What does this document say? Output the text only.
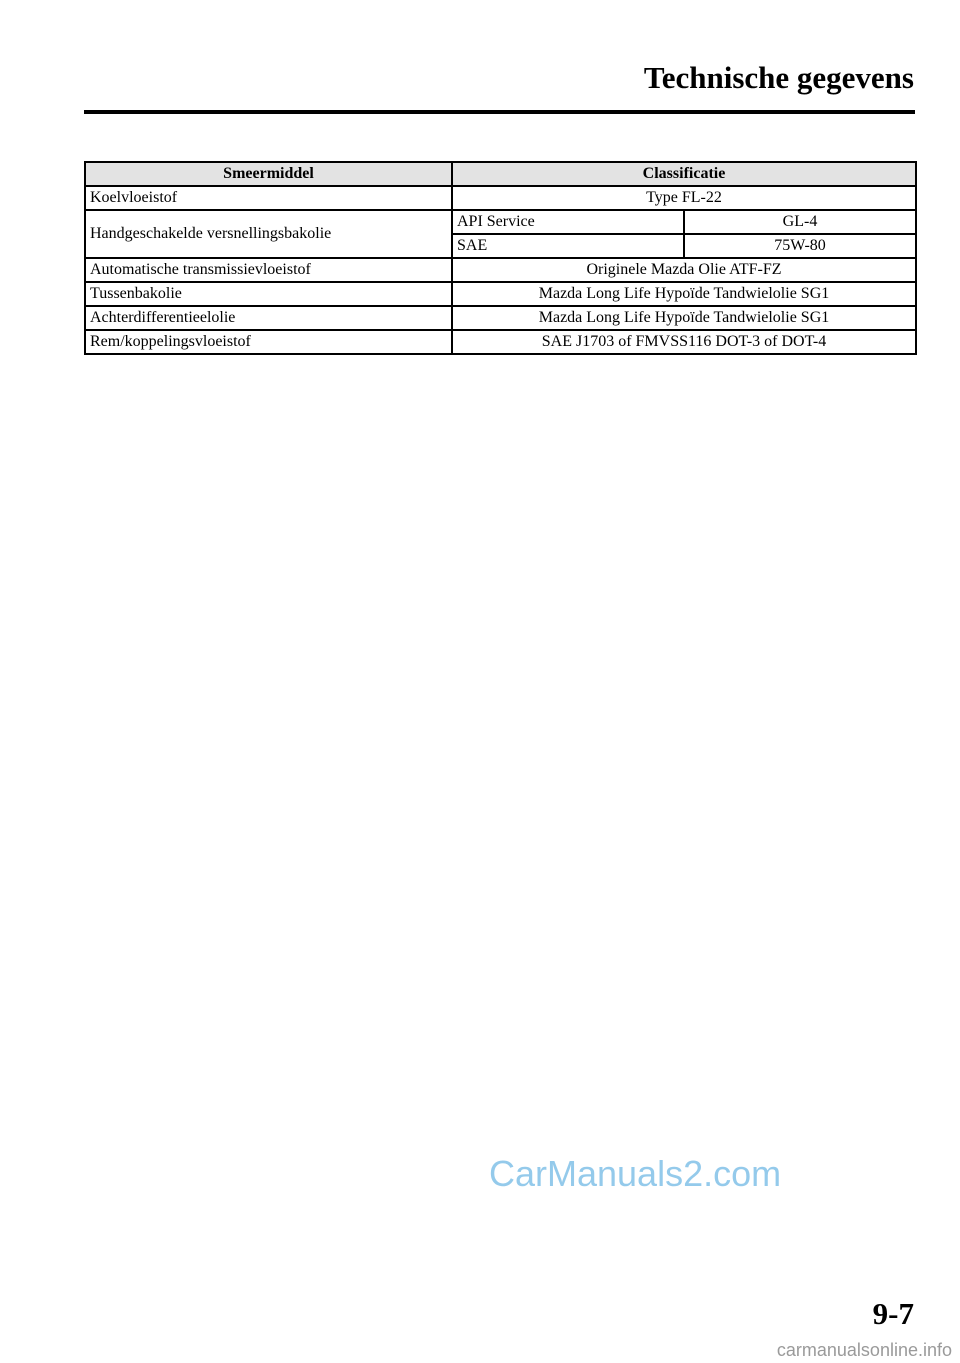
Technische gegevens
Smeermiddel	Classificatie	
Koelvloeistof	Type FL-22	
Handgeschakelde versnellingsbakolie	API Service	GL-4
	SAE	75W-80
Automatische transmissievloeistof	Originele Mazda Olie ATF-FZ	
Tussenbakolie	Mazda Long Life Hypoïde Tandwielolie SG1	
Achterdifferentieelolie	Mazda Long Life Hypoïde Tandwielolie SG1	
Rem/koppelingsvloeistof	SAE J1703 of FMVSS116 DOT-3 of DOT-4	
CarManuals2.com
9-7
carmanualsonline.info
